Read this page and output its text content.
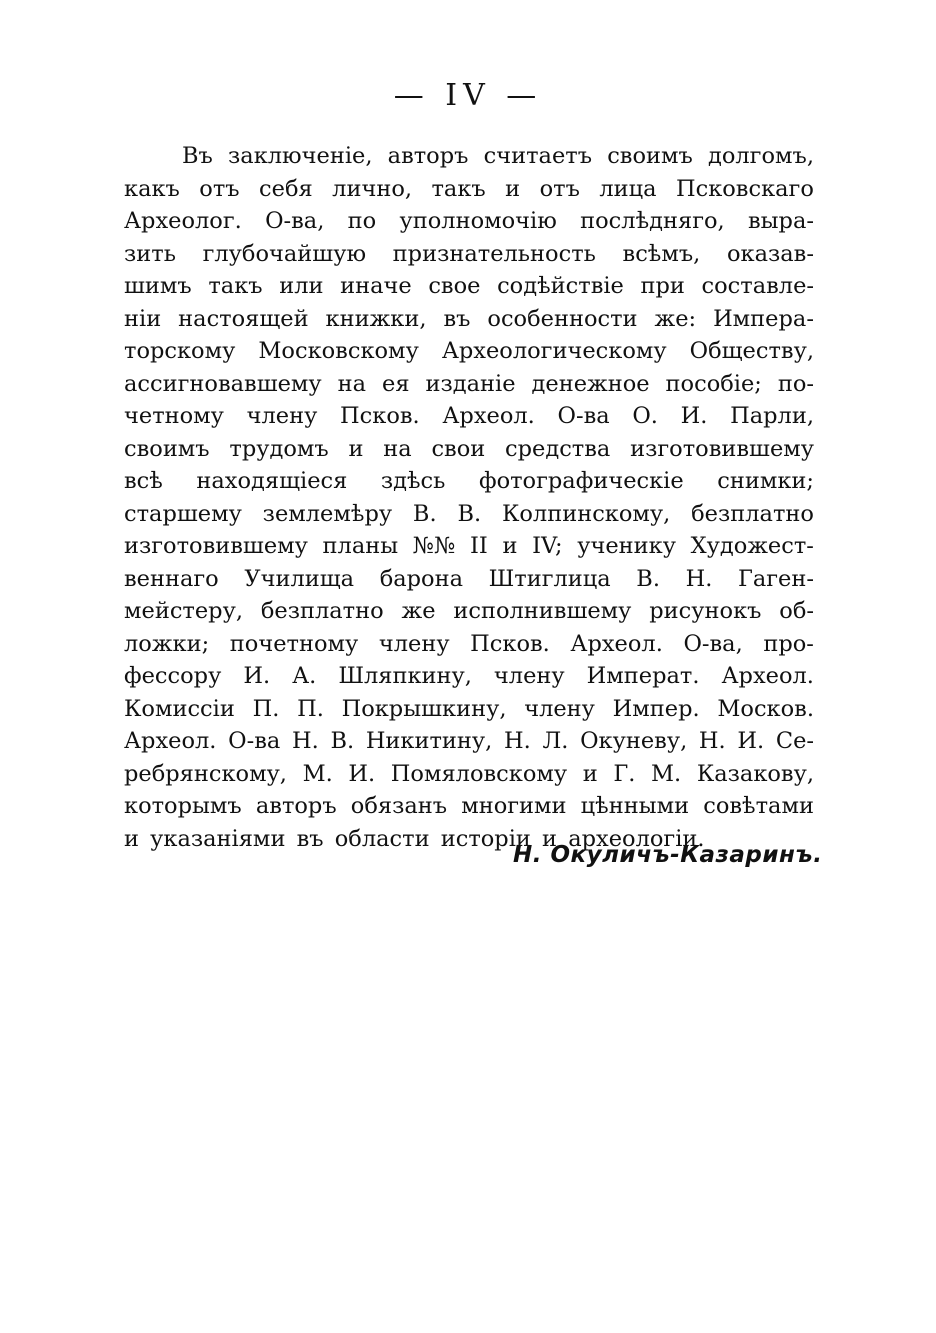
— IV —
Въ заключенiе, авторъ считаетъ своимъ долгомъ,
какъ отъ себя лично, такъ и отъ лица Псковскаго
Археолог. О-ва, по уполномочiю послѣдняго, выра-
зить глубочайшую признательность всѣмъ, оказав-
шимъ такъ или иначе свое содѣйствiе при составле-
нiи настоящей книжки, въ особенности же: Импера-
торскому Московскому Археологическому Обществу,
ассигновавшему на ея изданiе денежное пособiе; по-
четному члену Псков. Археол. О-ва О. И. Парли,
своимъ трудомъ и на свои средства изготовившему
всѣ находящiеся здѣсь фотографическiе снимки;
старшему землемѣру В. В. Колпинскому, безплатно
изготовившему планы №№ II и IV; ученику Художест-
веннаго Училища барона Штиглица В. Н. Гаген-
мейстеру, безплатно же исполнившему рисунокъ об-
ложки; почетному члену Псков. Археол. О-ва, про-
фессору И. А. Шляпкину, члену Императ. Археол.
Комиссiи П. П. Покрышкину, члену Импер. Москов.
Археол. О-ва Н. В. Никитину, Н. Л. Окуневу, Н. И. Се-
ребрянскому, М. И. Помяловскому и Г. М. Казакову,
которымъ авторъ обязанъ многими цѣнными совѣтами
и указанiями въ области исторiи и археологiи.
Н. Окуличъ-Казаринъ.
